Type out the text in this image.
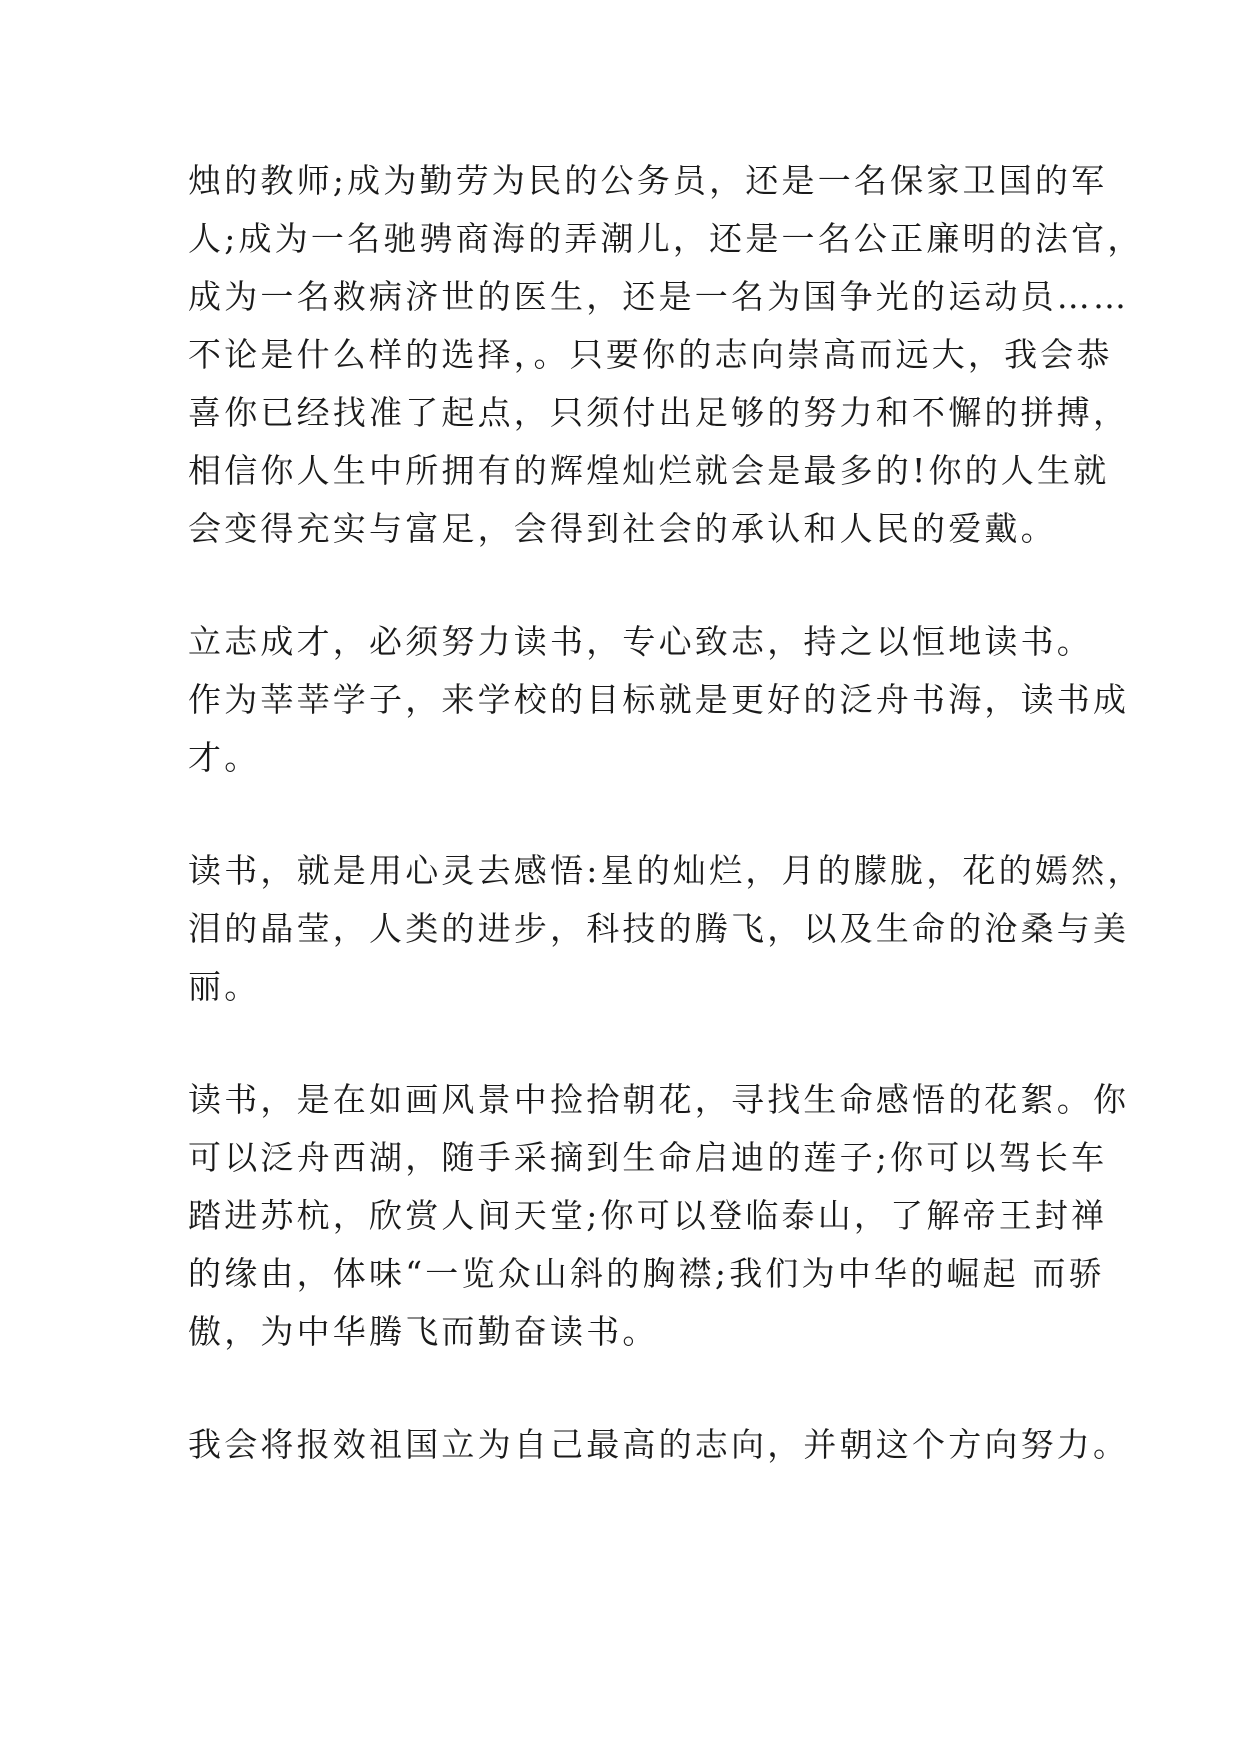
烛的教师;成为勤劳为民的公务员，还是一名保家卫国的军
人;成为一名驰骋商海的弄潮儿，还是一名公正廉明的法官，
成为一名救病济世的医生，还是一名为国争光的运动员……
不论是什么样的选择，。只要你的志向崇高而远大，我会恭
喜你已经找准了起点，只须付出足够的努力和不懈的拼搏，
相信你人生中所拥有的辉煌灿烂就会是最多的!你的人生就
会变得充实与富足，会得到社会的承认和人民的爱戴。

立志成才，必须努力读书，专心致志，持之以恒地读书。
作为莘莘学子，来学校的目标就是更好的泛舟书海，读书成
才。

读书，就是用心灵去感悟:星的灿烂，月的朦胧，花的嫣然，
泪的晶莹，人类的进步，科技的腾飞，以及生命的沧桑与美
丽。

读书，是在如画风景中捡拾朝花，寻找生命感悟的花絮。你
可以泛舟西湖，随手采摘到生命启迪的莲子;你可以驾长车
踏进苏杭，欣赏人间天堂;你可以登临泰山，了解帝王封禅
的缘由，体味“一览众山斜的胸襟;我们为中华的崛起 而骄
傲，为中华腾飞而勤奋读书。

我会将报效祖国立为自己最高的志向，并朝这个方向努力。
